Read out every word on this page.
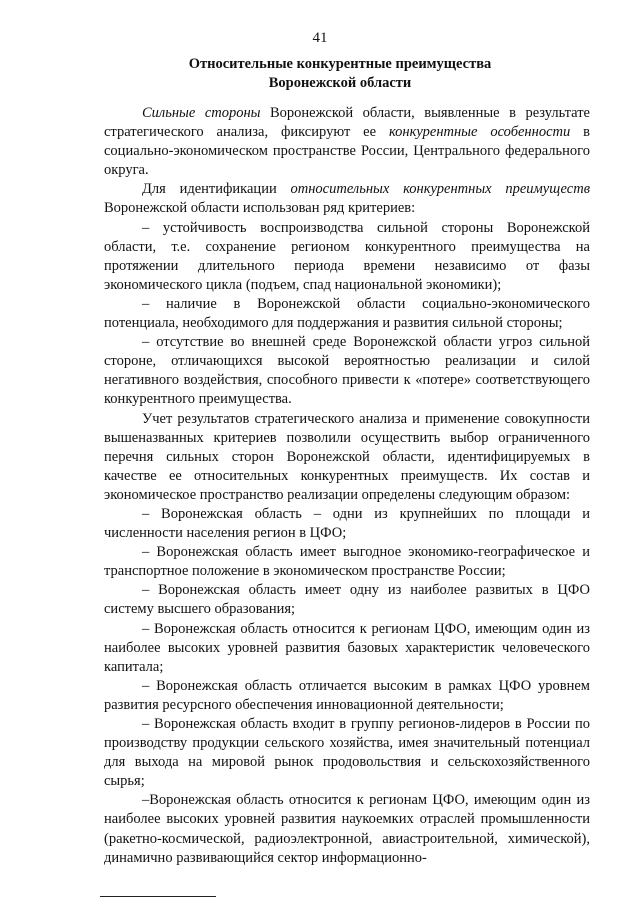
41
Относительные конкурентные преимущества
Воронежской области

Сильные стороны Воронежской области, выявленные в результате стратегического анализа, фиксируют ее конкурентные особенности в социально-экономическом пространстве России, Центрального федерального округа.

Для идентификации относительных конкурентных преимуществ Воронежской области использован ряд критериев:

– устойчивость воспроизводства сильной стороны Воронежской области, т.е. сохранение регионом конкурентного преимущества на протяжении длительного периода времени независимо от фазы экономического цикла (подъем, спад национальной экономики);

– наличие в Воронежской области социально-экономического потенциала, необходимого для поддержания и развития сильной стороны;

– отсутствие во внешней среде Воронежской области угроз сильной стороне, отличающихся высокой вероятностью реализации и силой негативного воздействия, способного привести к «потере» соответствующего конкурентного преимущества.

Учет результатов стратегического анализа и применение совокупности вышеназванных критериев позволили осуществить выбор ограниченного перечня сильных сторон Воронежской области, идентифицируемых в качестве ее относительных конкурентных преимуществ. Их состав и экономическое пространство реализации определены следующим образом:

– Воронежская область – одни из крупнейших по площади и численности населения регион в ЦФО;

– Воронежская область имеет выгодное экономико-географическое и транспортное положение в экономическом пространстве России;

– Воронежская область имеет одну из наиболее развитых в ЦФО систему высшего образования;

– Воронежская область относится к регионам ЦФО, имеющим один из наиболее высоких уровней развития базовых характеристик человеческого капитала;

– Воронежская область отличается высоким в рамках ЦФО уровнем развития ресурсного обеспечения инновационной деятельности;

– Воронежская область входит в группу регионов-лидеров в России по производству продукции сельского хозяйства, имея значительный потенциал для выхода на мировой рынок продовольствия и сельскохозяйственного сырья;

–Воронежская область относится к регионам ЦФО, имеющим один из наиболее высоких уровней развития наукоемких отраслей промышленности (ракетно-космической, радиоэлектронной, авиастроительной, химической), динамично развивающийся сектор информационно-
